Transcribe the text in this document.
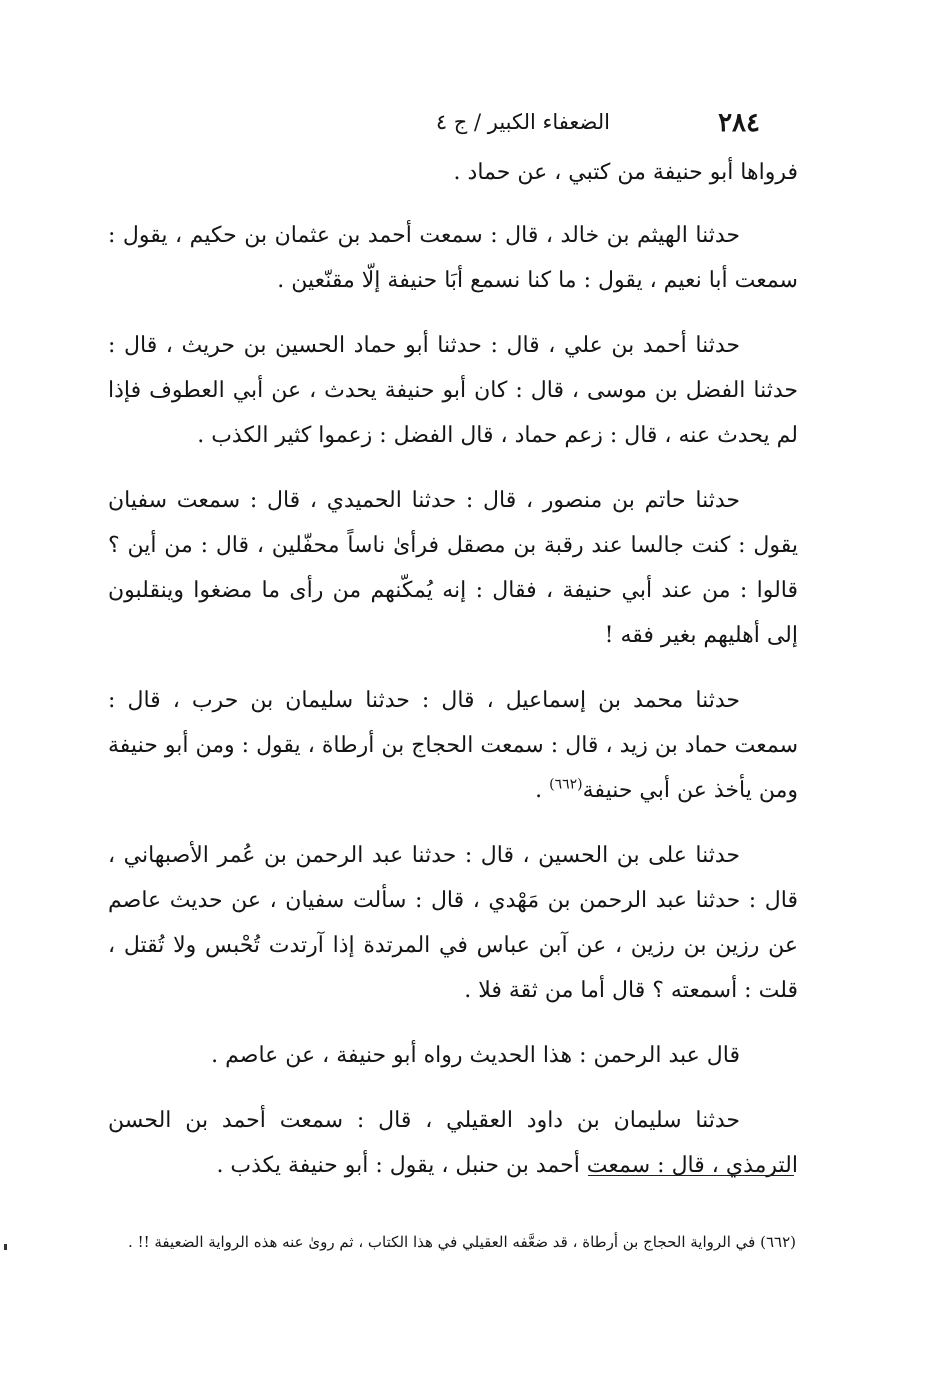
٢٨٤
الضعفاء الكبير / ج ٤

فرواها أبو حنيفة من كتبي ، عن حماد .

حدثنا الهيثم بن خالد ، قال : سمعت أحمد بن عثمان بن حكيم ، يقول : سمعت أبا نعيم ، يقول : ما كنا نسمع أبَا حنيفة إلّا مقنّعين .

حدثنا أحمد بن علي ، قال : حدثنا أبو حماد الحسين بن حريث ، قال : حدثنا الفضل بن موسى ، قال : كان أبو حنيفة يحدث ، عن أبي العطوف فإذا لم يحدث عنه ، قال : زعم حماد ، قال الفضل : زعموا كثير الكذب .

حدثنا حاتم بن منصور ، قال : حدثنا الحميدي ، قال : سمعت سفيان يقول : كنت جالسا عند رقبة بن مصقل فرأىٰ ناساً محفّلين ، قال : من أين ؟ قالوا : من عند أبي حنيفة ، فقال : إنه يُمكّنهم من رأى ما مضغوا وينقلبون إلى أهليهم بغير فقه !

حدثنا محمد بن إسماعيل ، قال : حدثنا سليمان بن حرب ، قال : سمعت حماد بن زيد ، قال : سمعت الحجاج بن أرطاة ، يقول : ومن أبو حنيفة ومن يأخذ عن أبي حنيفة$^{(٦٦٢)}$ .

حدثنا على بن الحسين ، قال : حدثنا عبد الرحمن بن عُمر الأصبهاني ، قال : حدثنا عبد الرحمن بن مَهْدي ، قال : سألت سفيان ، عن حديث عاصم عن رزين بن رزين ، عن آبن عباس في المرتدة إذا آرتدت تُحْبس ولا تُقتل ، قلت : أسمعته ؟ قال أما من ثقة فلا .

قال عبد الرحمن : هذا الحديث رواه أبو حنيفة ، عن عاصم .

حدثنا سليمان بن داود العقيلي ، قال : سمعت أحمد بن الحسن الترمذي ، قال : سمعت أحمد بن حنبل ، يقول : أبو حنيفة يكذب .

(٦٦٢) في الرواية الحجاج بن أرطاة ، قد ضعَّفه العقيلي في هذا الكتاب ، ثم روىٰ عنه هذه الرواية الضعيفة !! .
